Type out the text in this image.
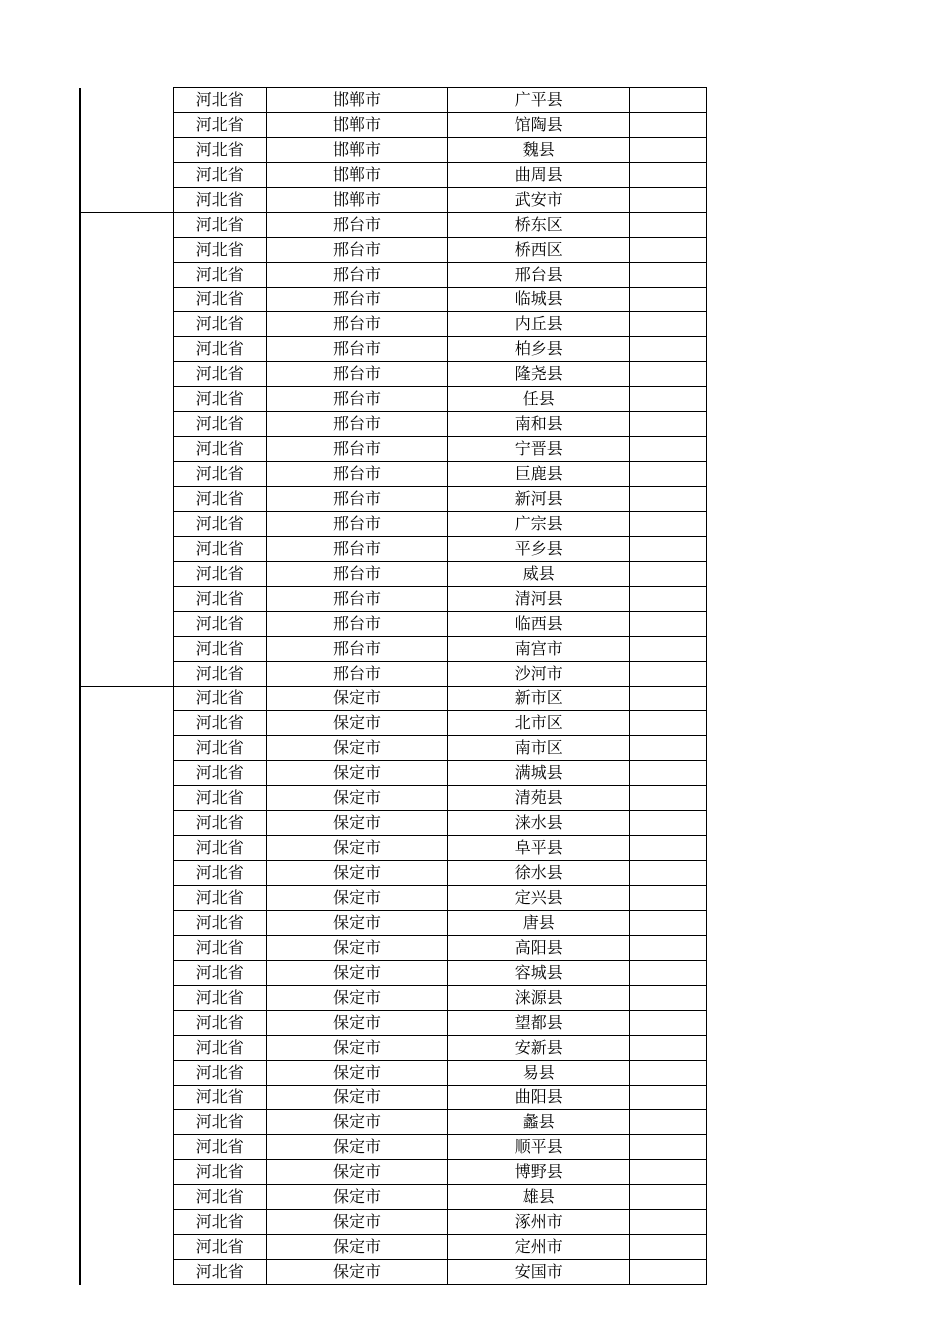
	河北省	邯郸市	广平县	
	河北省	邯郸市	馆陶县	
	河北省	邯郸市	魏县	
	河北省	邯郸市	曲周县	
	河北省	邯郸市	武安市	
	河北省	邢台市	桥东区	
	河北省	邢台市	桥西区	
	河北省	邢台市	邢台县	
	河北省	邢台市	临城县	
	河北省	邢台市	内丘县	
	河北省	邢台市	柏乡县	
	河北省	邢台市	隆尧县	
	河北省	邢台市	任县	
	河北省	邢台市	南和县	
	河北省	邢台市	宁晋县	
	河北省	邢台市	巨鹿县	
	河北省	邢台市	新河县	
	河北省	邢台市	广宗县	
	河北省	邢台市	平乡县	
	河北省	邢台市	威县	
	河北省	邢台市	清河县	
	河北省	邢台市	临西县	
	河北省	邢台市	南宫市	
	河北省	邢台市	沙河市	
	河北省	保定市	新市区	
	河北省	保定市	北市区	
	河北省	保定市	南市区	
	河北省	保定市	满城县	
	河北省	保定市	清苑县	
	河北省	保定市	涞水县	
	河北省	保定市	阜平县	
	河北省	保定市	徐水县	
	河北省	保定市	定兴县	
	河北省	保定市	唐县	
	河北省	保定市	高阳县	
	河北省	保定市	容城县	
	河北省	保定市	涞源县	
	河北省	保定市	望都县	
	河北省	保定市	安新县	
	河北省	保定市	易县	
	河北省	保定市	曲阳县	
	河北省	保定市	蠡县	
	河北省	保定市	顺平县	
	河北省	保定市	博野县	
	河北省	保定市	雄县	
	河北省	保定市	涿州市	
	河北省	保定市	定州市	
	河北省	保定市	安国市	
